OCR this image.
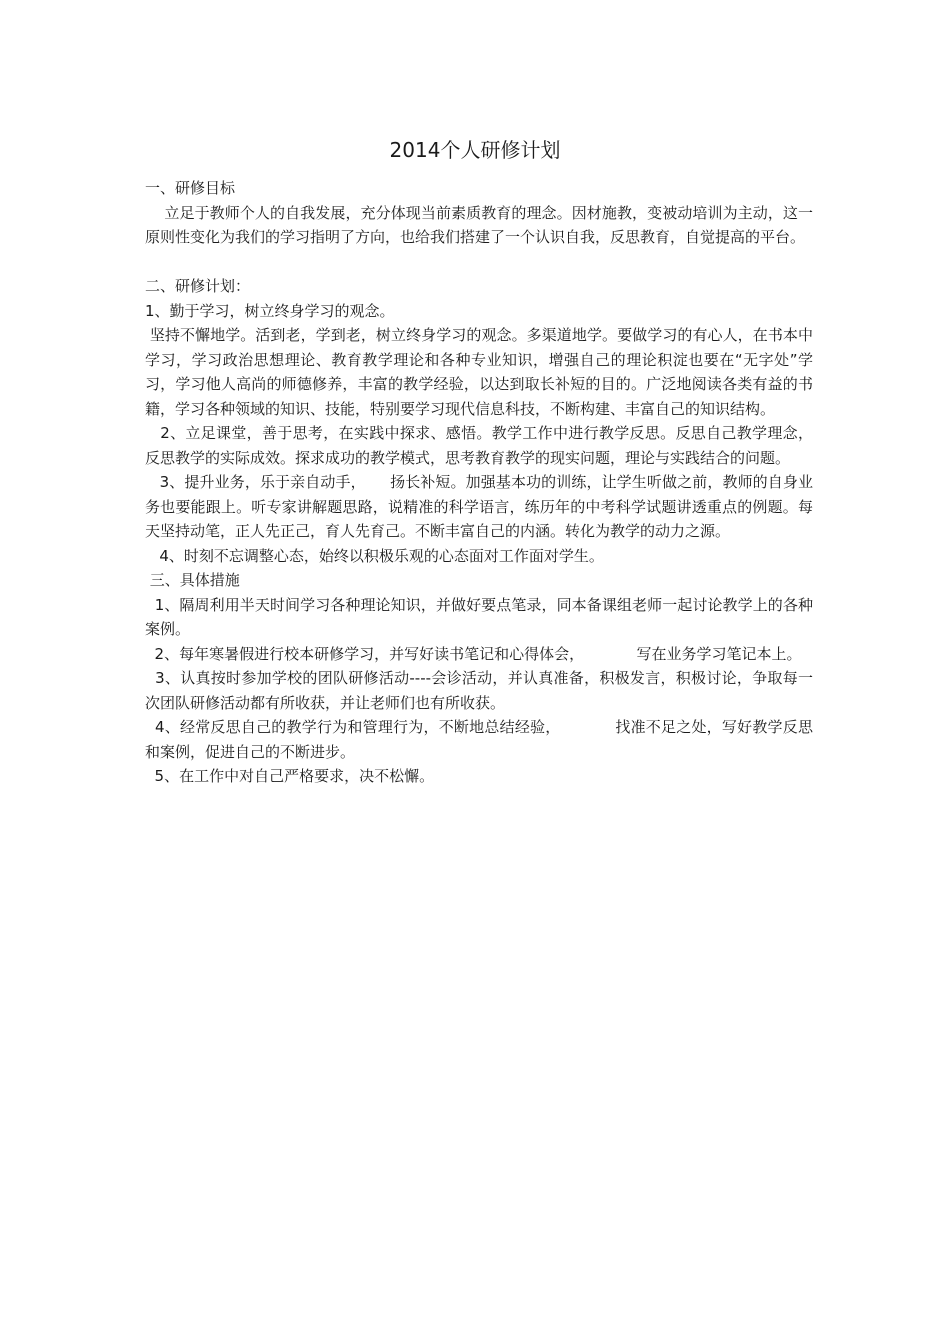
2014个人研修计划

一、研修目标

立足于教师个人的自我发展，充分体现当前素质教育的理念。因材施教，变被动培训为主动，这一原则性变化为我们的学习指明了方向，也给我们搭建了一个认识自我，反思教育，自觉提高的平台。

二、研修计划：

1、勤于学习，树立终身学习的观念。

坚持不懈地学。活到老，学到老，树立终身学习的观念。多渠道地学。要做学习的有心人，在书本中学习，学习政治思想理论、教育教学理论和各种专业知识，增强自己的理论积淀也要在“无字处”学习，学习他人高尚的师德修养，丰富的教学经验，以达到取长补短的目的。广泛地阅读各类有益的书籍，学习各种领域的知识、技能，特别要学习现代信息科技，不断构建、丰富自己的知识结构。

2、立足课堂，善于思考，在实践中探求、感悟。教学工作中进行教学反思。反思自己教学理念，反思教学的实际成效。探求成功的教学模式，思考教育教学的现实问题，理论与实践结合的问题。

3、提升业务，乐于亲自动手，     扬长补短。加强基本功的训练，让学生听做之前，教师的自身业务也要能跟上。听专家讲解题思路，说精准的科学语言，练历年的中考科学试题讲透重点的例题。每天坚持动笔，正人先正己，育人先育己。不断丰富自己的内涵。转化为教学的动力之源。

4、时刻不忘调整心态，始终以积极乐观的心态面对工作面对学生。

三、具体措施

1、隔周利用半天时间学习各种理论知识，并做好要点笔录，同本备课组老师一起讨论教学上的各种案例。

2、每年寒暑假进行校本研修学习，并写好读书笔记和心得体会，           写在业务学习笔记本上。

3、认真按时参加学校的团队研修活动----会诊活动，并认真准备，积极发言，积极讨论，争取每一次团队研修活动都有所收获，并让老师们也有所收获。

4、经常反思自己的教学行为和管理行为，不断地总结经验，           找准不足之处，写好教学反思和案例，促进自己的不断进步。

5、在工作中对自己严格要求，决不松懈。
